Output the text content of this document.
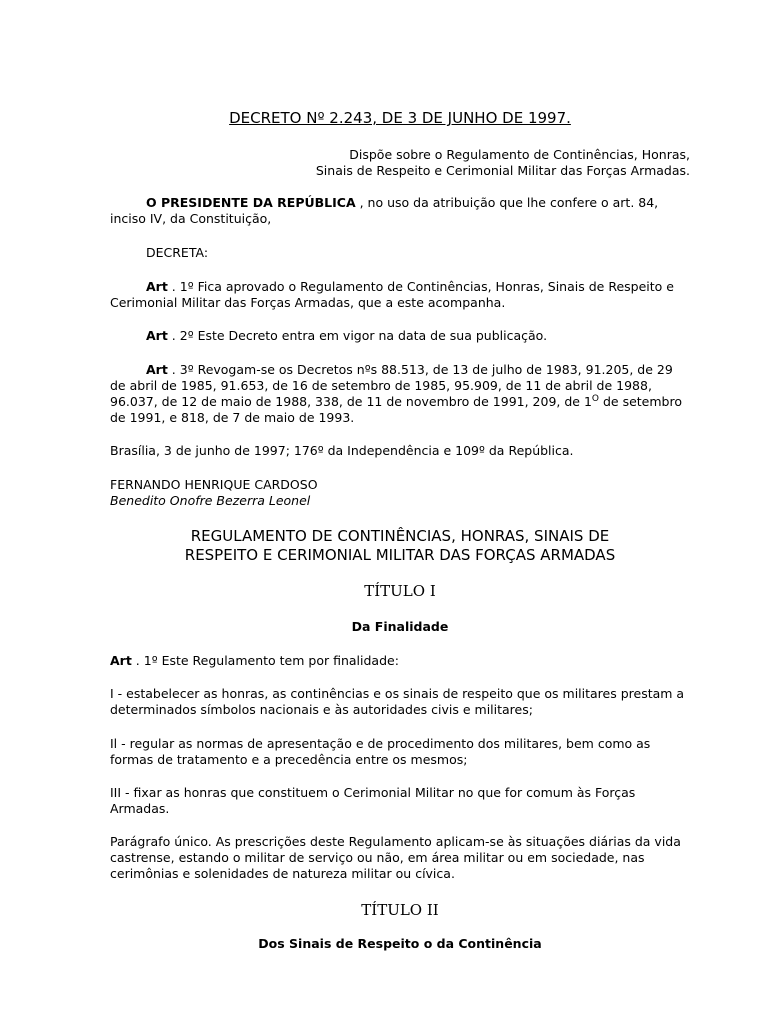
DECRETO Nº 2.243, DE 3 DE JUNHO DE 1997.

Dispõe sobre o Regulamento de Continências, Honras,

Sinais de Respeito e Cerimonial Militar das Forças Armadas.

O PRESIDENTE DA REPÚBLICA , no uso da atribuição que lhe confere o art. 84, inciso IV, da Constituição,

DECRETA:

Art . 1º Fica aprovado o Regulamento de Continências, Honras, Sinais de Respeito e Cerimonial Militar das Forças Armadas, que a este acompanha.

Art . 2º Este Decreto entra em vigor na data de sua publicação.

Art . 3º Revogam-se os Decretos nºs 88.513, de 13 de julho de 1983, 91.205, de 29 de abril de 1985, 91.653, de 16 de setembro de 1985, 95.909, de 11 de abril de 1988, 96.037, de 12 de maio de 1988, 338, de 11 de novembro de 1991, 209, de $1^O$ de setembro de 1991, e 818, de 7 de maio de 1993.

Brasília, 3 de junho de 1997; 176º da Independência e 109º da República.

FERNANDO HENRIQUE CARDOSO

Benedito Onofre Bezerra Leonel

REGULAMENTO DE CONTINÊNCIAS, HONRAS, SINAIS DE

RESPEITO E CERIMONIAL MILITAR DAS FORÇAS ARMADAS

TÍTULO I
Da Finalidade

Art . 1º Este Regulamento tem por finalidade:

I - estabelecer as honras, as continências e os sinais de respeito que os militares prestam a determinados símbolos nacionais e às autoridades civis e militares;

Il - regular as normas de apresentação e de procedimento dos militares, bem como as formas de tratamento e a precedência entre os mesmos;

III - fixar as honras que constituem o Cerimonial Militar no que for comum às Forças Armadas.

Parágrafo único. As prescrições deste Regulamento aplicam-se às situações diárias da vida castrense, estando o militar de serviço ou não, em área militar ou em sociedade, nas cerimônias e solenidades de natureza militar ou cívica.

TÍTULO II
Dos Sinais de Respeito o da Continência
